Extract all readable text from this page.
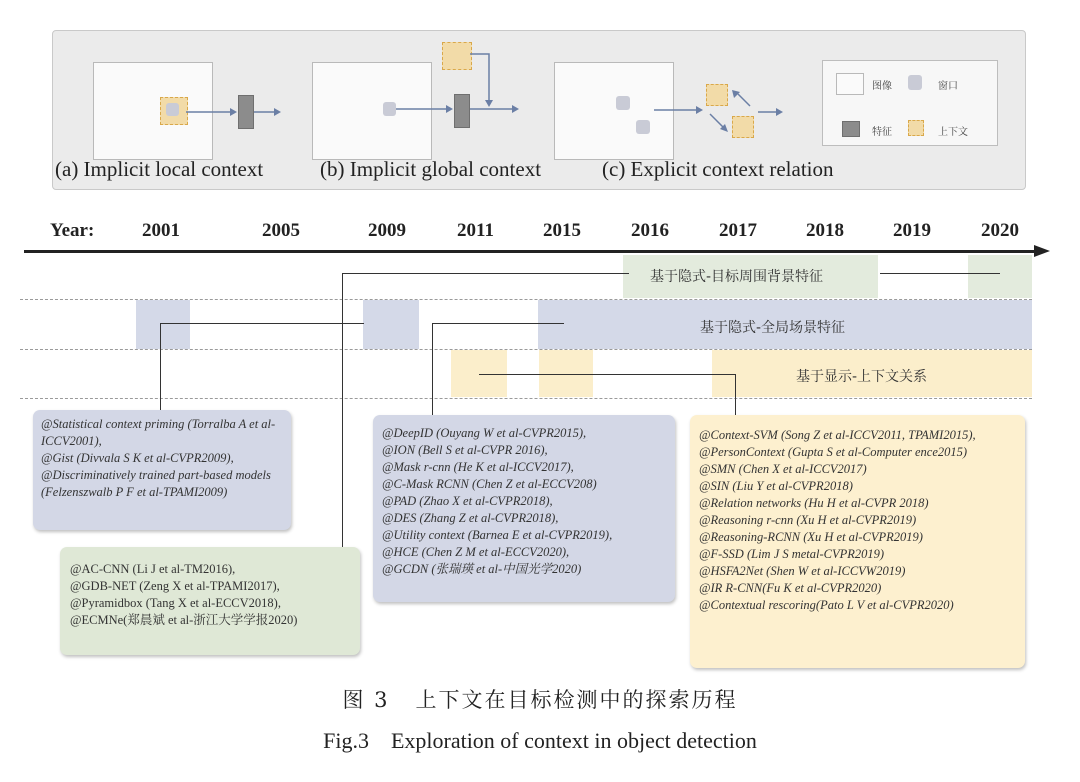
(a) Implicit local context	(b) Implicit global context	(c) Explicit context relation
图像	窗口
特征	上下文
Year:	2001	2005	2009	2011	2015	2016	2017	2018	2019	2020
基于隐式-目标周围背景特征
基于隐式-全局场景特征
基于显示-上下文关系
@Statistical context priming (Torralba A et al-ICCV2001),
@Gist (Divvala S K et al-CVPR2009),
@Discriminatively trained part-based models (Felzenszwalb P F et al-TPAMI2009)
@AC-CNN (Li J et al-TM2016),
@GDB-NET (Zeng X et al-TPAMI2017),
@Pyramidbox (Tang X et al-ECCV2018),
@ECMNe(郑晨斌 et al-浙江大学学报2020)
@DeepID (Ouyang W et al-CVPR2015),
@ION (Bell S et al-CVPR 2016),
@Mask r-cnn (He K et al-ICCV2017),
@C-Mask RCNN (Chen Z et al-ECCV208)
@PAD (Zhao X et al-CVPR2018),
@DES (Zhang Z et al-CVPR2018),
@Utility context (Barnea E et al-CVPR2019),
@HCE (Chen Z M et al-ECCV2020),
@GCDN (张瑞瑛 et al-中国光学2020)
@Context-SVM (Song Z et al-ICCV2011, TPAMI2015),
@PersonContext (Gupta S et al-Computer ence2015)
@SMN (Chen X et al-ICCV2017)
@SIN (Liu Y et al-CVPR2018)
@Relation networks (Hu H et al-CVPR 2018)
@Reasoning r-cnn (Xu H et al-CVPR2019)
@Reasoning-RCNN (Xu H et al-CVPR2019)
@F-SSD (Lim J S metal-CVPR2019)
@HSFA2Net (Shen W et al-ICCVW2019)
@IR R-CNN(Fu K et al-CVPR2020)
@Contextual rescoring(Pato L V et al-CVPR2020)
图 3   上下文在目标检测中的探索历程
Fig.3    Exploration of context in object detection
